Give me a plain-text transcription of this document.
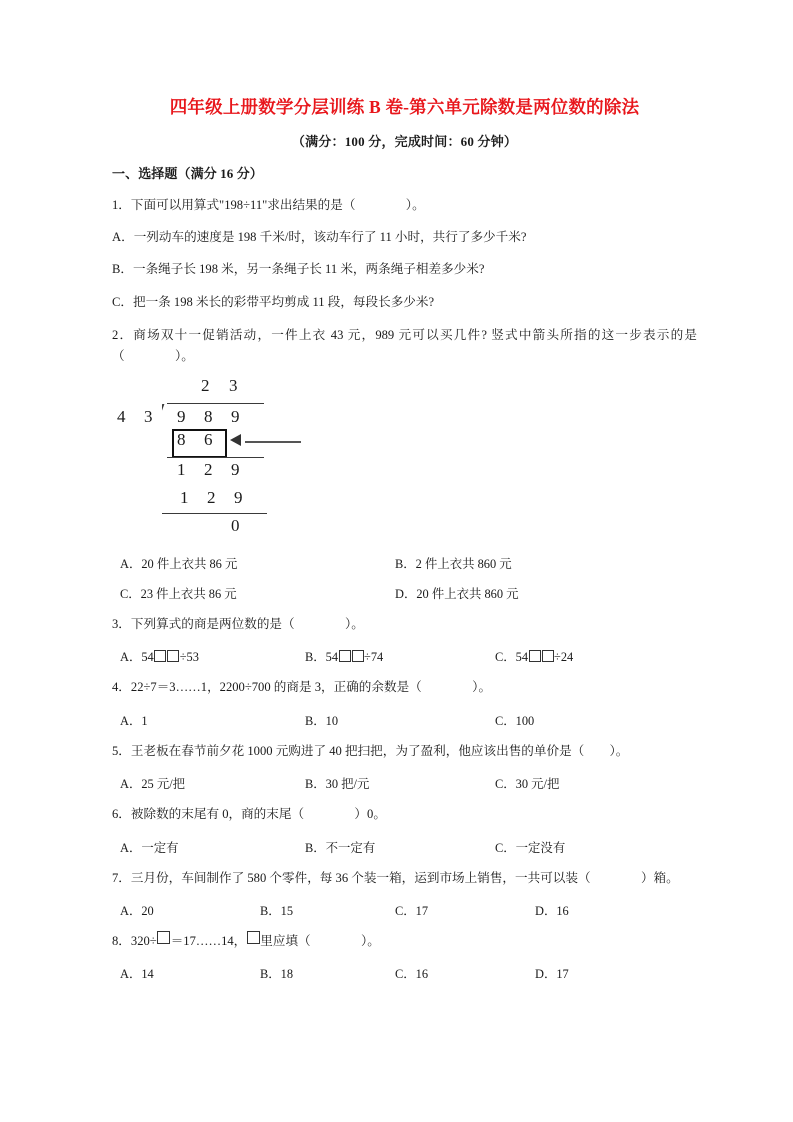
四年级上册数学分层训练 B 卷-第六单元除数是两位数的除法
（满分：100 分，完成时间：60 分钟）
一、选择题（满分 16 分）
1．下面可以用算式"198÷11"求出结果的是（　　　　）。
A．一列动车的速度是 198 千米/时，该动车行了 11 小时，共行了多少千米?
B．一条绳子长 198 米，另一条绳子长 11 米，两条绳子相差多少米?
C．把一条 198 米长的彩带平均剪成 11 段，每段长多少米?
2．商场双十一促销活动，一件上衣 43 元，989 元可以买几件? 竖式中箭头所指的这一步表示的是（　　　　）。
2 3
4 3 9 8 9
8 6
1 2 9
1 2 9
0
A．20 件上衣共 86 元	B．2 件上衣共 860 元
C．23 件上衣共 86 元	D．20 件上衣共 860 元
3．下列算式的商是两位数的是（　　　　）。
A．54 ÷53	B．54 ÷74	C．54 ÷24
4．22÷7＝3……1，2200÷700 的商是 3，正确的余数是（　　　　）。
A．1	B．10	C．100
5．王老板在春节前夕花 1000 元购进了 40 把扫把，为了盈利，他应该出售的单价是（　　）。
A．25 元/把	B．30 把/元	C．30 元/把
6．被除数的末尾有 0，商的末尾（　　　　）0。
A．一定有	B．不一定有	C．一定没有
7．三月份，车间制作了 580 个零件，每 36 个装一箱，运到市场上销售，一共可以装（　　　　）箱。
A．20	B．15	C．17	D．16
8．320÷ ＝17……14， 里应填（　　　　）。
A．14	B．18	C．16	D．17
